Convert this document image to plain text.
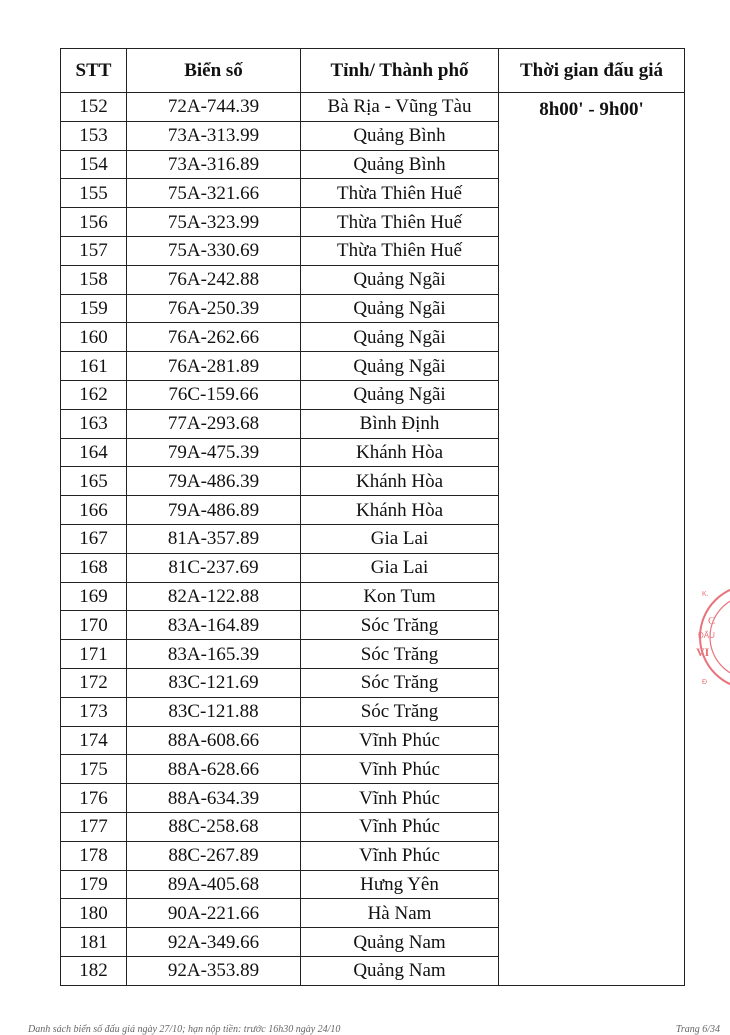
STT	Biển số	Tỉnh/ Thành phố	Thời gian đấu giá
152	72A-744.39	Bà Rịa - Vũng Tàu	8h00' - 9h00'
153	73A-313.99	Quảng Bình	
154	73A-316.89	Quảng Bình	
155	75A-321.66	Thừa Thiên Huế	
156	75A-323.99	Thừa Thiên Huế	
157	75A-330.69	Thừa Thiên Huế	
158	76A-242.88	Quảng Ngãi	
159	76A-250.39	Quảng Ngãi	
160	76A-262.66	Quảng Ngãi	
161	76A-281.89	Quảng Ngãi	
162	76C-159.66	Quảng Ngãi	
163	77A-293.68	Bình Định	
164	79A-475.39	Khánh Hòa	
165	79A-486.39	Khánh Hòa	
166	79A-486.89	Khánh Hòa	
167	81A-357.89	Gia Lai	
168	81C-237.69	Gia Lai	
169	82A-122.88	Kon Tum	
170	83A-164.89	Sóc Trăng	
171	83A-165.39	Sóc Trăng	
172	83C-121.69	Sóc Trăng	
173	83C-121.88	Sóc Trăng	
174	88A-608.66	Vĩnh Phúc	
175	88A-628.66	Vĩnh Phúc	
176	88A-634.39	Vĩnh Phúc	
177	88C-258.68	Vĩnh Phúc	
178	88C-267.89	Vĩnh Phúc	
179	89A-405.68	Hưng Yên	
180	90A-221.66	Hà Nam	
181	92A-349.66	Quảng Nam	
182	92A-353.89	Quảng Nam	
C
ĐẤU
VI
K.
Đ
Danh sách biển số đấu giá ngày 27/10; hạn nộp tiền: trước 16h30 ngày 24/10	Trang 6/34
